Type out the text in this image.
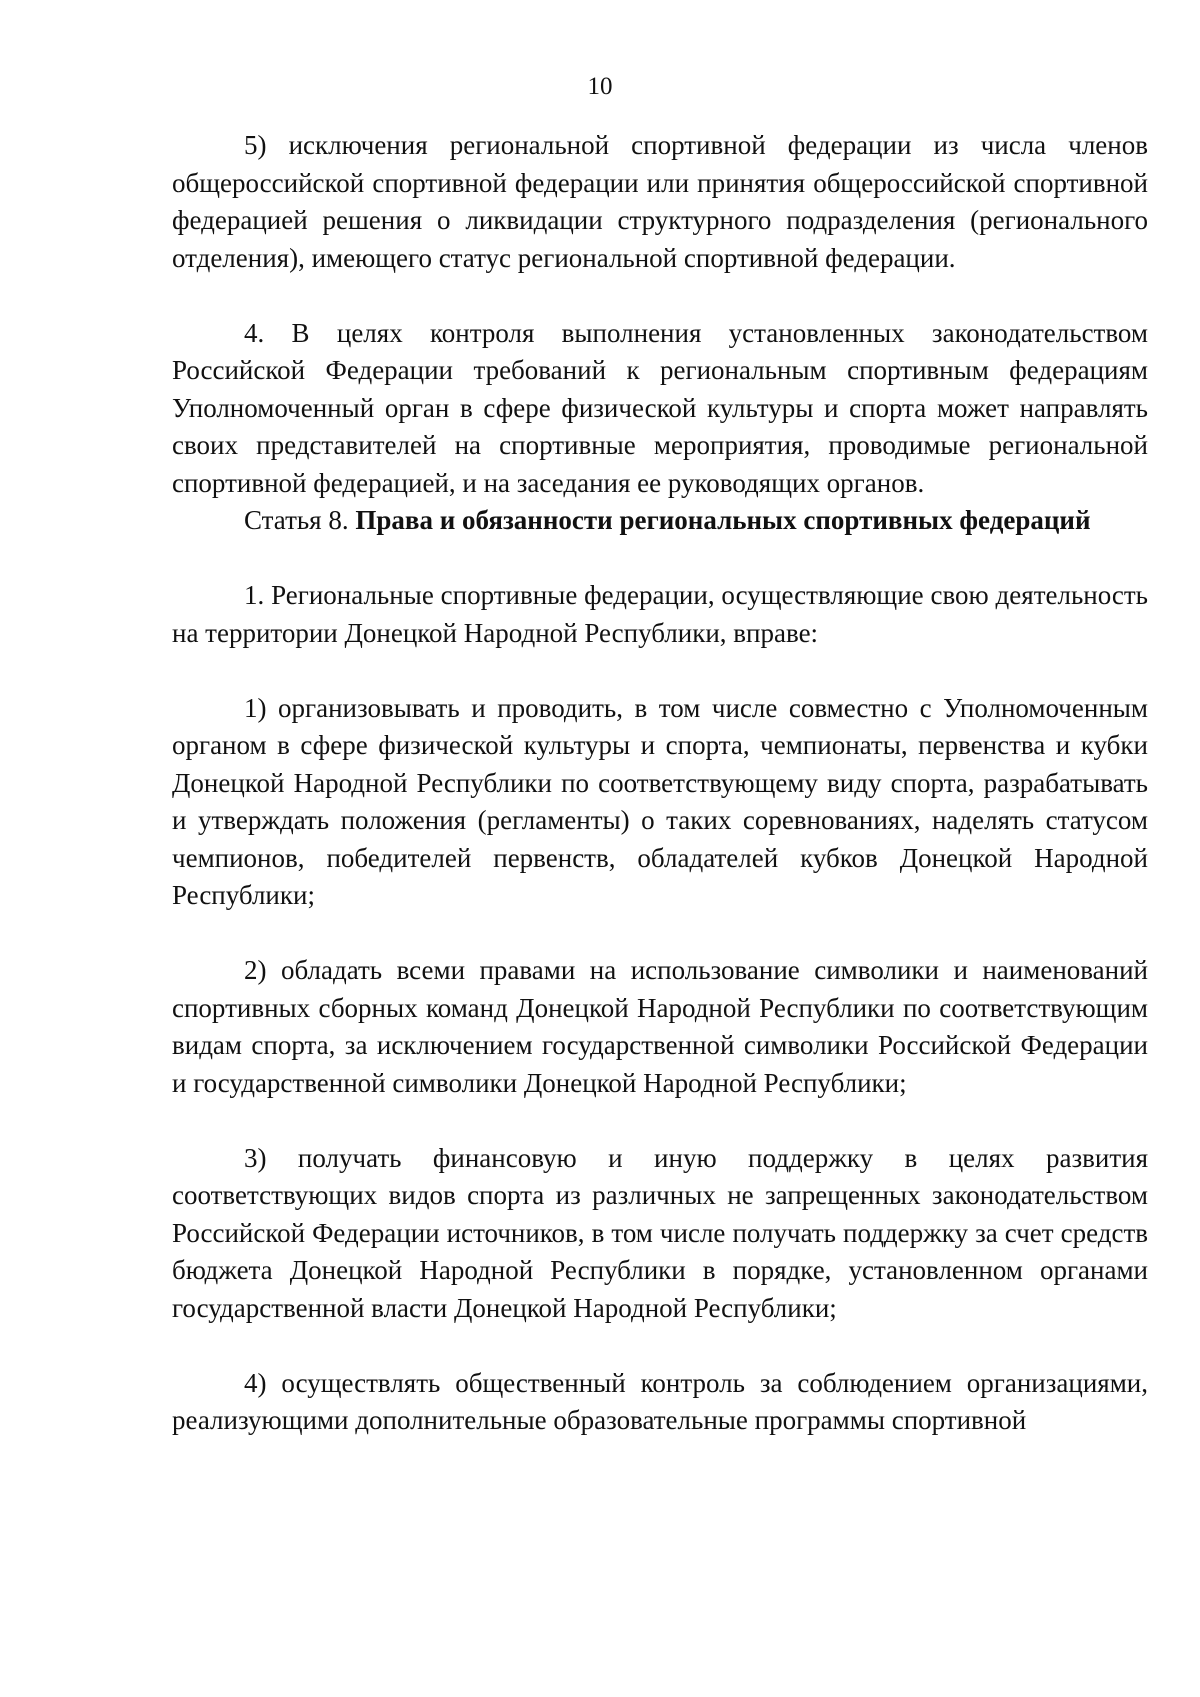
10

5) исключения региональной спортивной федерации из числа членов общероссийской спортивной федерации или принятия общероссийской спортивной федерацией решения о ликвидации структурного подразделения (регионального отделения), имеющего статус региональной спортивной федерации.

4. В целях контроля выполнения установленных законодательством Российской Федерации требований к региональным спортивным федерациям Уполномоченный орган в сфере физической культуры и спорта может направлять своих представителей на спортивные мероприятия, проводимые региональной спортивной федерацией, и на заседания ее руководящих органов.

Статья 8. Права и обязанности региональных спортивных федераций

1. Региональные спортивные федерации, осуществляющие свою деятельность на территории Донецкой Народной Республики, вправе:

1) организовывать и проводить, в том числе совместно с Уполномоченным органом в сфере физической культуры и спорта, чемпионаты, первенства и кубки Донецкой Народной Республики по соответствующему виду спорта, разрабатывать и утверждать положения (регламенты) о таких соревнованиях, наделять статусом чемпионов, победителей первенств, обладателей кубков Донецкой Народной Республики;

2) обладать всеми правами на использование символики и наименований спортивных сборных команд Донецкой Народной Республики по соответствующим видам спорта, за исключением государственной символики Российской Федерации и государственной символики Донецкой Народной Республики;

3) получать финансовую и иную поддержку в целях развития соответствующих видов спорта из различных не запрещенных законодательством Российской Федерации источников, в том числе получать поддержку за счет средств бюджета Донецкой Народной Республики в порядке, установленном органами государственной власти Донецкой Народной Республики;

4) осуществлять общественный контроль за соблюдением организациями, реализующими дополнительные образовательные программы спортивной
